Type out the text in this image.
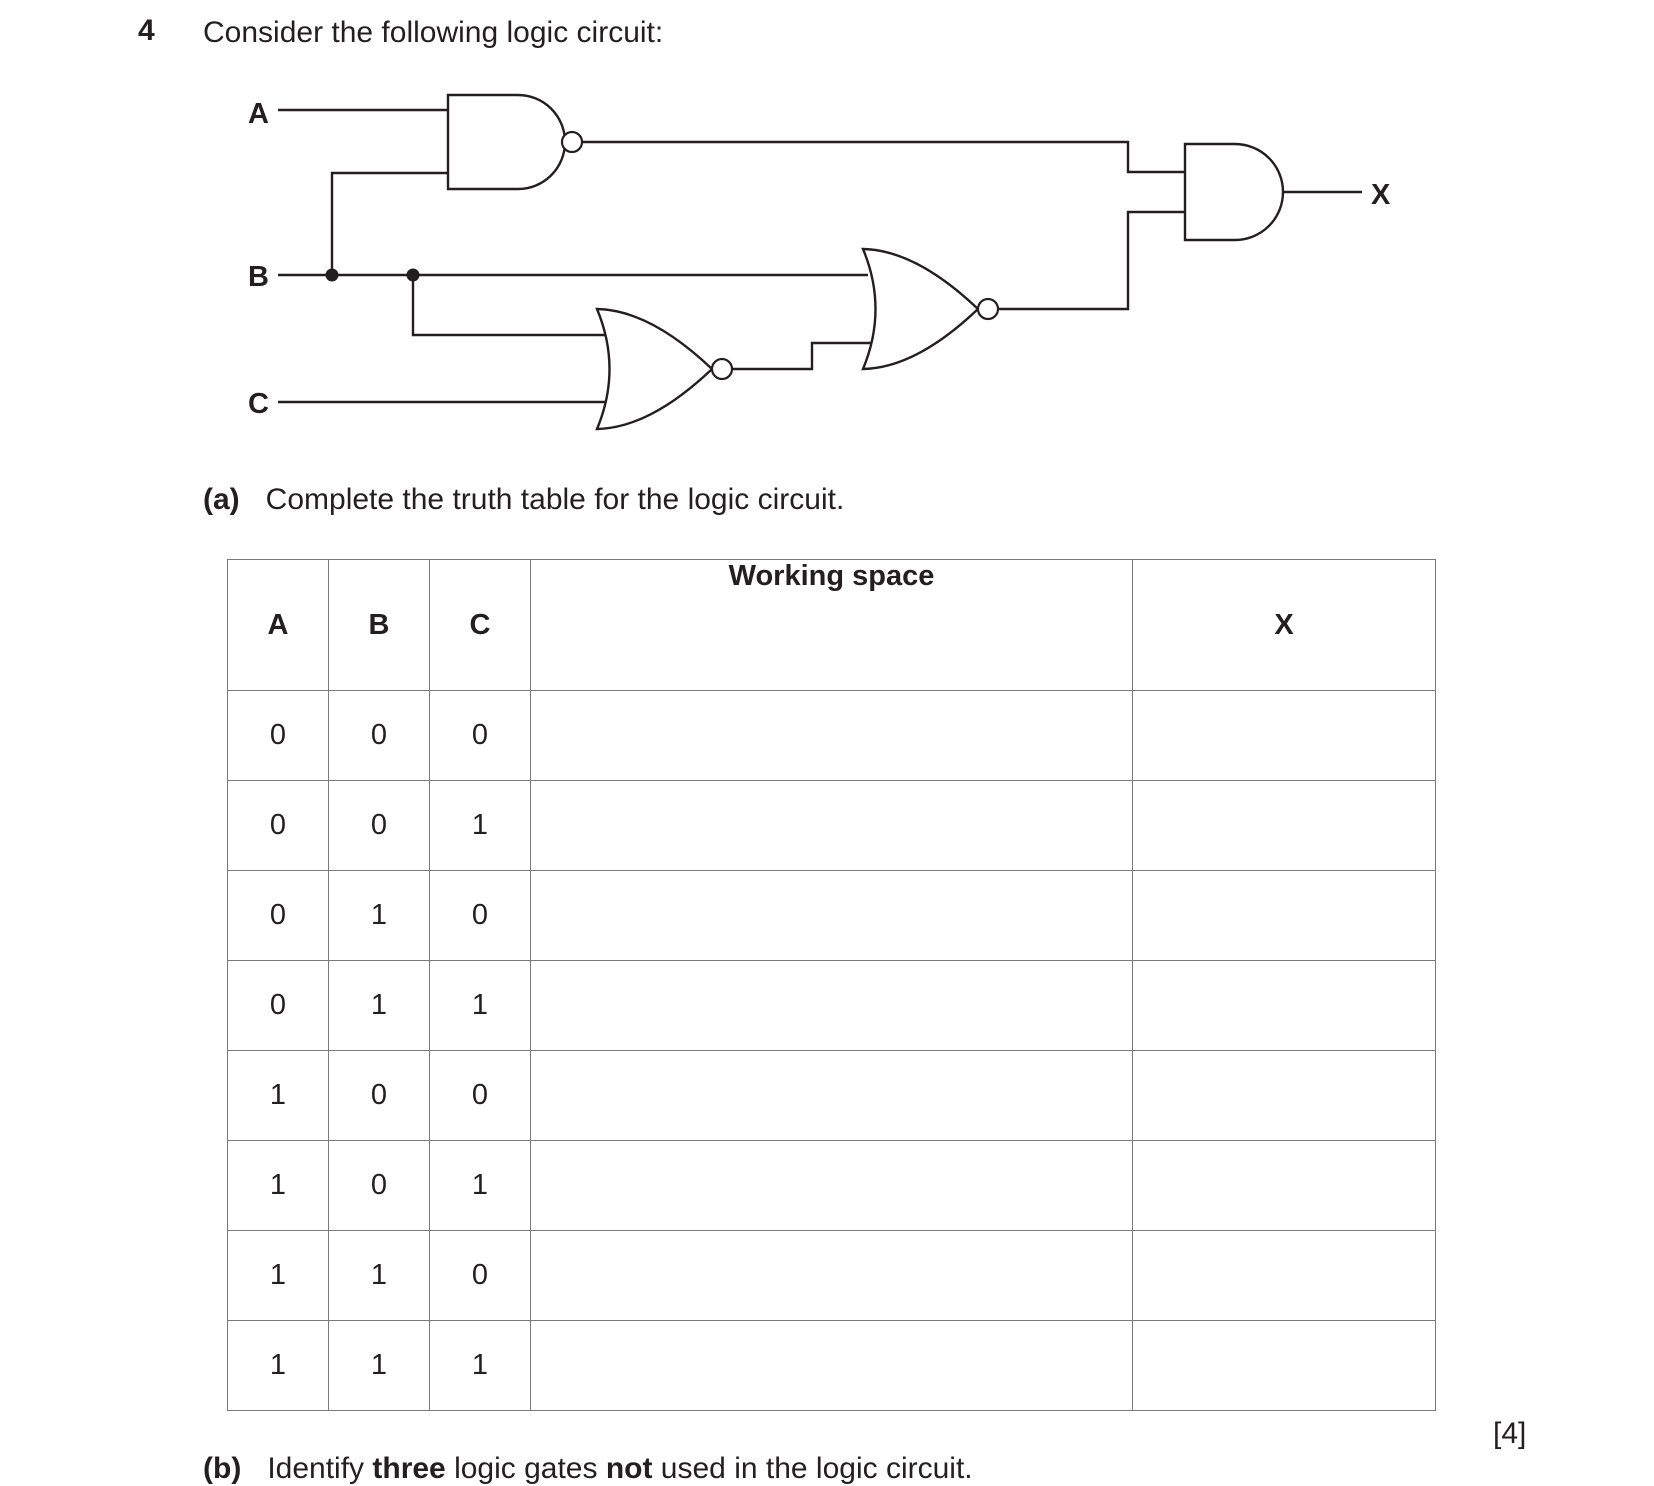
4 Consider the following logic circuit:
A
B
C
X
(a) Complete the truth table for the logic circuit.
A	B	C	Working space	X
0	0	0		
0	0	1		
0	1	0		
0	1	1		
1	0	0		
1	0	1		
1	1	0		
1	1	1		
[4]
(b) Identify three logic gates not used in the logic circuit.
